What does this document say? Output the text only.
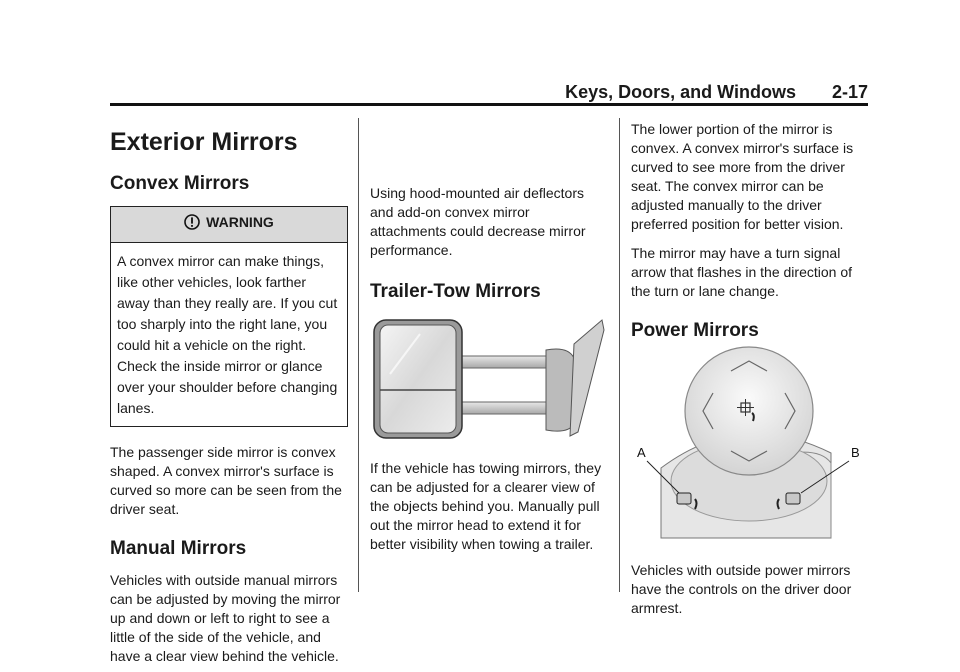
Keys, Doors, and Windows 2-17
Exterior Mirrors
Convex Mirrors
WARNING
A convex mirror can make things, like other vehicles, look farther away than they really are. If you cut too sharply into the right lane, you could hit a vehicle on the right. Check the inside mirror or glance over your shoulder before changing lanes.

The passenger side mirror is convex shaped. A convex mirror's surface is curved so more can be seen from the driver seat.

Manual Mirrors

Vehicles with outside manual mirrors can be adjusted by moving the mirror up and down or left to right to see a little of the side of the vehicle, and have a clear view behind the vehicle.

Using hood-mounted air deflectors and add-on convex mirror attachments could decrease mirror performance.

Trailer-Tow Mirrors

If the vehicle has towing mirrors, they can be adjusted for a clearer view of the objects behind you. Manually pull out the mirror head to extend it for better visibility when towing a trailer.

The lower portion of the mirror is convex. A convex mirror's surface is curved to see more from the driver seat. The convex mirror can be adjusted manually to the driver preferred position for better vision.

The mirror may have a turn signal arrow that flashes in the direction of the turn or lane change.

Power Mirrors
A	B

Vehicles with outside power mirrors have the controls on the driver door armrest.
